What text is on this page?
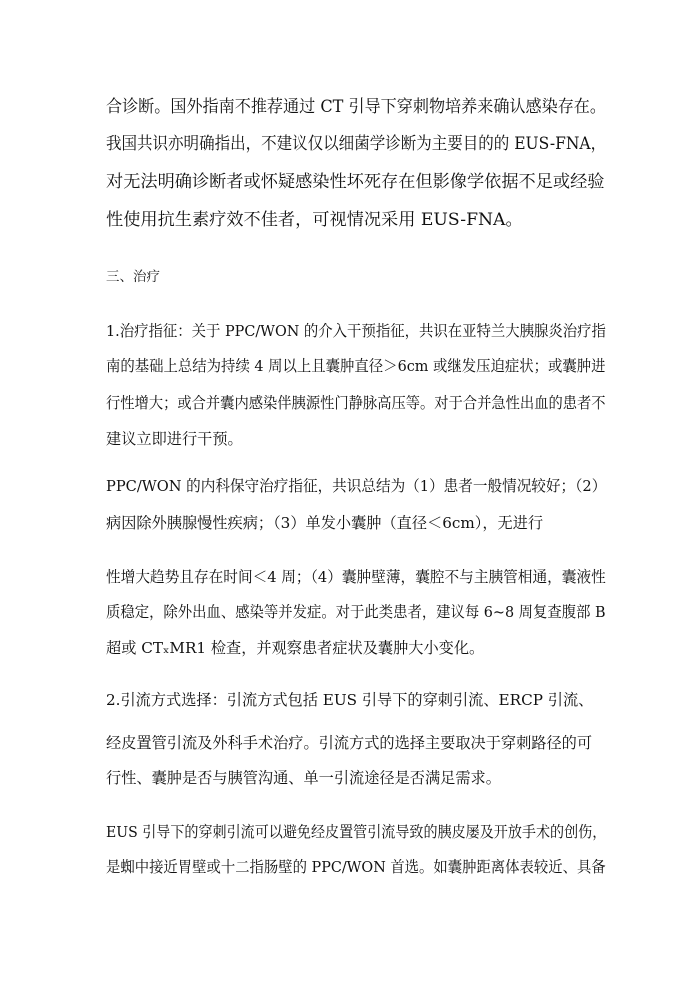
合诊断。国外指南不推荐通过 CT 引导下穿刺物培养来确认感染存在。
我国共识亦明确指出，不建议仅以细菌学诊断为主要目的的 EUS-FNA，
对无法明确诊断者或怀疑感染性坏死存在但影像学依据不足或经验
性使用抗生素疗效不佳者，可视情况采用 EUS-FNA。
三、治疗
1.治疗指征：关于 PPC/WON 的介入干预指征，共识在亚特兰大胰腺炎治疗指
南的基础上总结为持续 4 周以上且囊肿直径＞6cm 或继发压迫症状；或囊肿进
行性增大；或合并囊内感染伴胰源性门静脉高压等。对于合并急性出血的患者不
建议立即进行干预。
PPC/WON 的内科保守治疗指征，共识总结为（1）患者一般情况较好；（2）
病因除外胰腺慢性疾病；（3）单发小囊肿（直径＜6cm），无进行
性增大趋势且存在时间＜4 周；（4）囊肿壁薄，囊腔不与主胰管相通，囊液性
质稳定，除外出血、感染等并发症。对于此类患者，建议每 6~8 周复查腹部 B
超或 CTₓMR1 检查，并观察患者症状及囊肿大小变化。
2.引流方式选择：引流方式包括 EUS 引导下的穿刺引流、ERCP 引流、
经皮置管引流及外科手术治疗。引流方式的选择主要取决于穿刺路径的可
行性、囊肿是否与胰管沟通、单一引流途径是否满足需求。
EUS 引导下的穿刺引流可以避免经皮置管引流导致的胰皮屡及开放手术的创伤，
是蜘中接近胃壁或十二指肠壁的 PPC/WON 首选。如囊肿距离体表较近、具备
